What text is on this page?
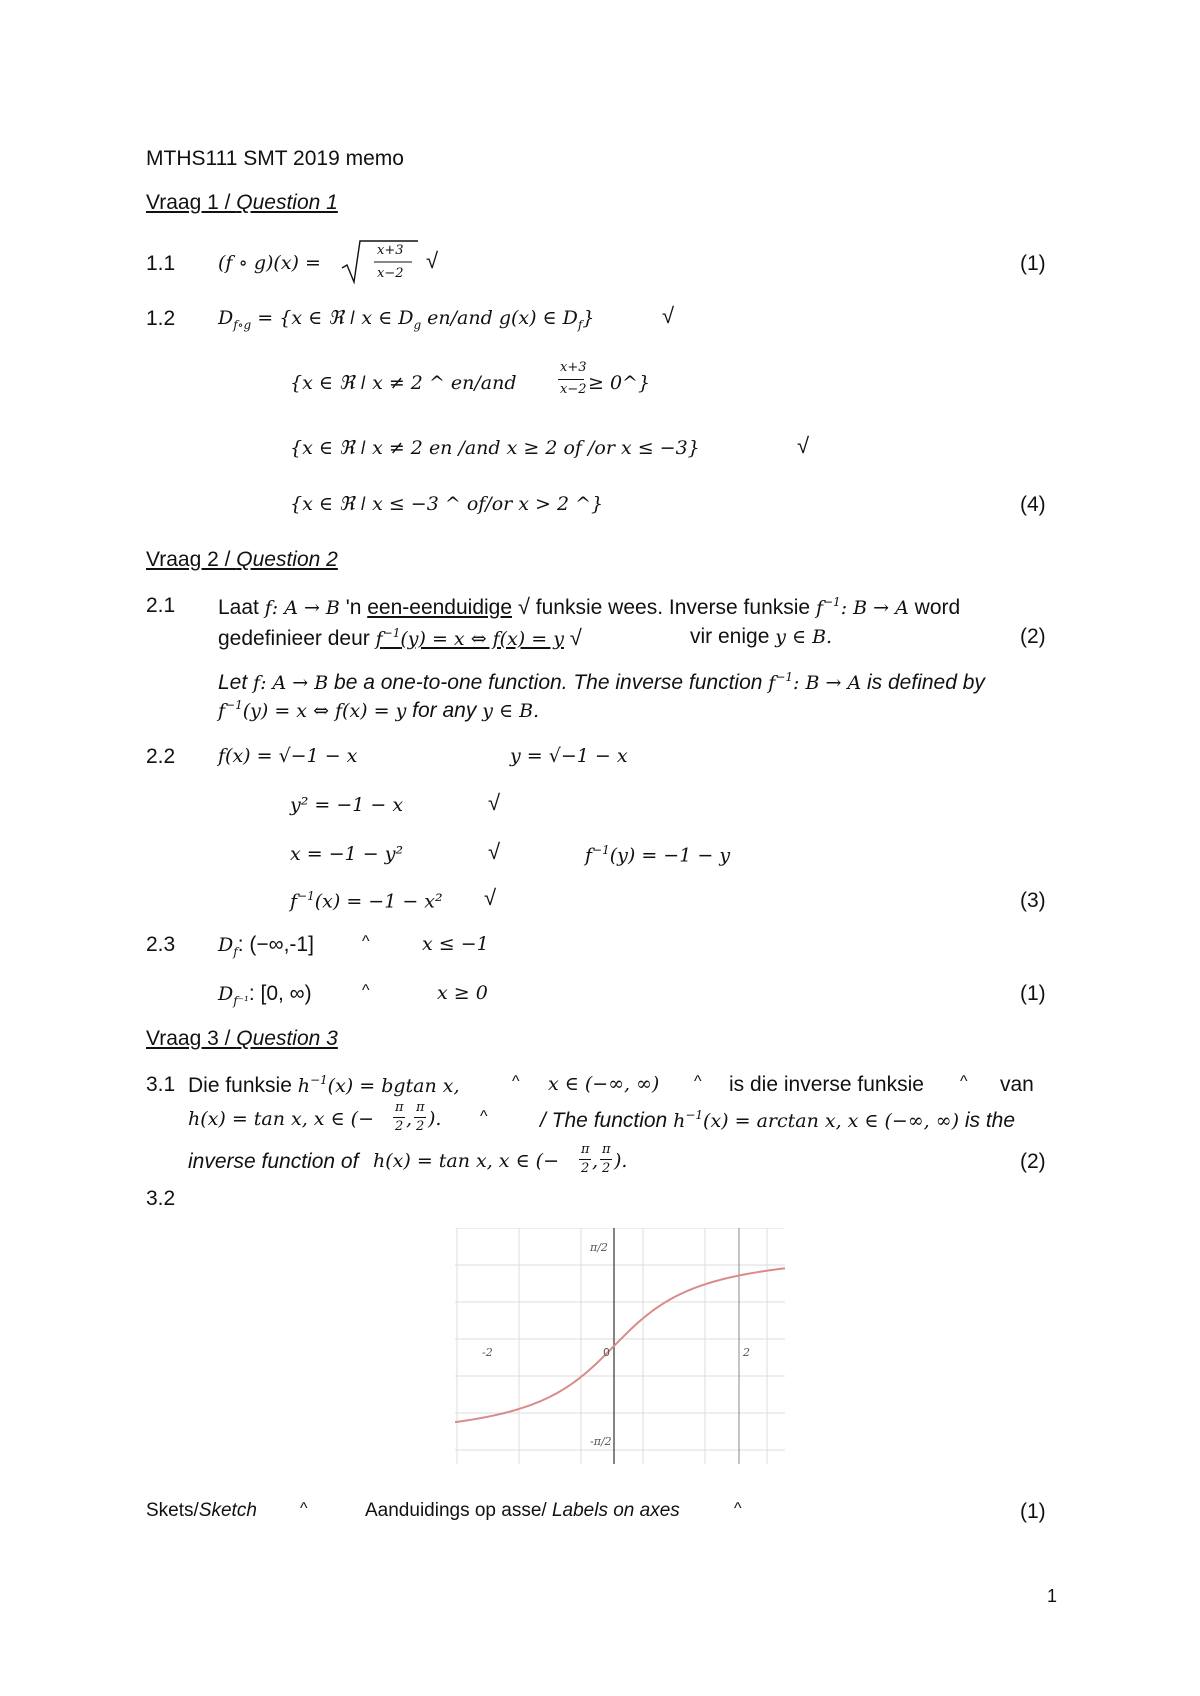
MTHS111 SMT 2019 memo
Vraag 1 / Question 1
1.1 (f ∘ g)(x) =
x+3
x−2
√	(1)
1.2 $D_{f\circ g} = \{x$ ∈ ℜ ǀ x ∈ $D_g$ en/and g(x) ∈ $D_f$}	√
{x ∈ ℜ ǀ x ≠ 2 ^ en/and
x+3
x−2 ≥ 0^}
{x ∈ ℜ ǀ x ≠ 2 en /and x ≥ 2 of /or x ≤ −3}	√
{x ∈ ℜ ǀ x ≤ −3 ^ of/or x > 2 ^}	(4)
Vraag 2 / Question 2
2.1 Laat f: A → B 'n een-eenduidige √ funksie wees. Inverse funksie $f^{-1}$: B → A word
gedefinieer deur $f^{-1}(y) = x$ ⇔ f(x) = y √	vir enige y ∈ B.	(2)
Let f: A → B be a one-to-one function. The inverse function $f^{-1}$: B → A is defined by
$f^{-1}(y) = x$ ⇔ f(x) = y for any y ∈ B.
2.2 f(x) = √−1 − x	y = √−1 − x
y² = −1 − x	√
x = −1 − y²	√	$f^{-1}(y) = -1 - y$
$f^{-1}(x) = -1 - x^2$ √	(3)
2.3 $D_f$: (−∞,-1]	^	x ≤ −1
$D_{f^{-1}}$: [0, ∞)	^	x ≥ 0	(1)
Vraag 3 / Question 3
3.1 Die funksie $h^{-1}(x) = bgtan$ x,	^ x ∈ (−∞, ∞) ^ is die inverse funksie ^ van
h(x) = tan x, x ∈ (−
π
2 ,
π
2 ). ^ / The function $h^{-1}(x) = \arctan x$, x ∈ (−∞, ∞) is the
inverse function of h(x) = tan x, x ∈ (−
π
2 ,
π
2 ).	(2)
3.2
π/2
-π/2
-2	2
0
Skets/Sketch	^	Aanduidings op asse/ Labels on axes	^	(1)
1
